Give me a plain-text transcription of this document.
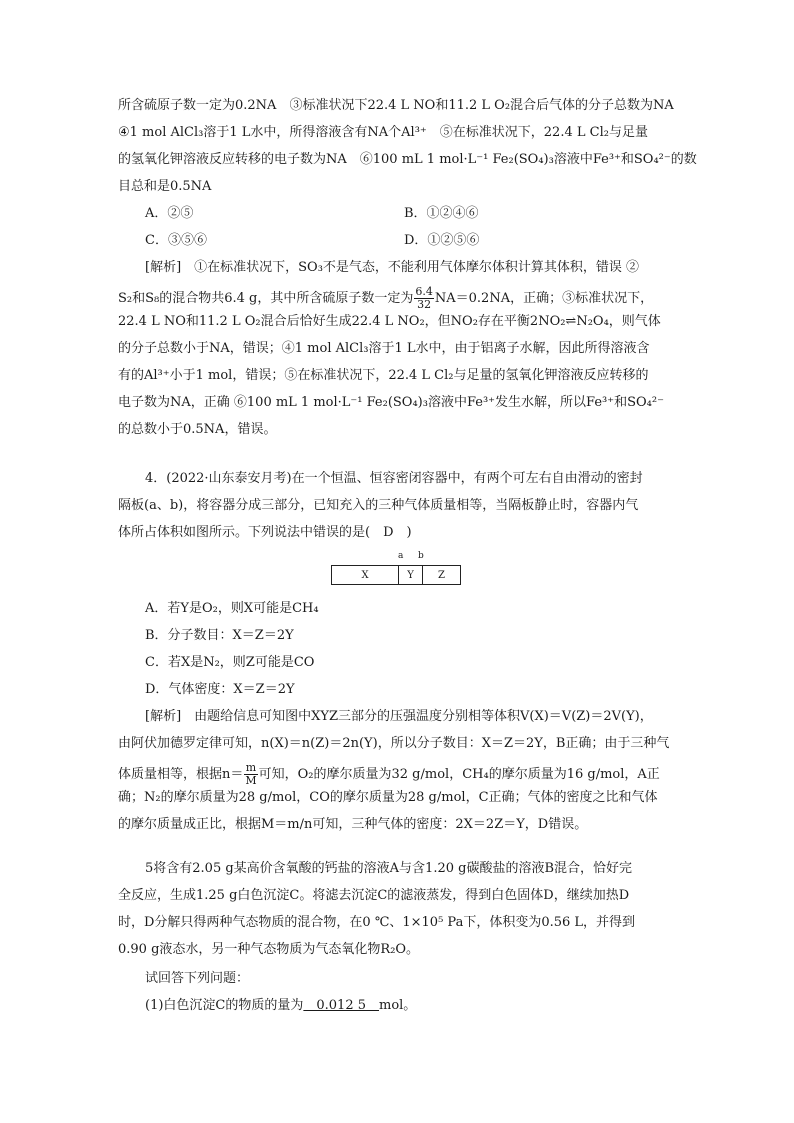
所含硫原子数一定为0.2NA　③标准状况下22.4 L NO和11.2 L O₂混合后气体的分子总数为NA
④1 mol AlCl₃溶于1 L水中，所得溶液含有NA个Al³⁺　⑤在标准状况下，22.4 L Cl₂与足量
的氢氧化钾溶液反应转移的电子数为NA　⑥100 mL 1 mol·L⁻¹ Fe₂(SO₄)₃溶液中Fe³⁺和SO₄²⁻的数
目总和是0.5NA
A．②⑤	B．①②④⑥
C．③⑤⑥	D．①②⑤⑥
[解析]　①在标准状况下，SO₃不是气态，不能利用气体摩尔体积计算其体积，错误 ②
S₂和S₈的混合物共6.4 g，其中所含硫原子数一定为 $\frac{6.4}{32} NA=0.2NA$，正确；③标准状况下，
22.4 L NO和11.2 L O₂混合后恰好生成22.4 L NO₂，但NO₂存在平衡2NO₂⇌N₂O₄，则气体
的分子总数小于NA，错误；④1 mol AlCl₃溶于1 L水中，由于铝离子水解，因此所得溶液含
有的Al³⁺小于1 mol，错误；⑤在标准状况下，22.4 L Cl₂与足量的氢氧化钾溶液反应转移的
电子数为NA，正确 ⑥100 mL 1 mol·L⁻¹ Fe₂(SO₄)₃溶液中Fe³⁺发生水解，所以Fe³⁺和SO₄²⁻
的总数小于0.5NA，错误。
4．(2022·山东泰安月考)在一个恒温、恒容密闭容器中，有两个可左右自由滑动的密封
隔板(a、b)，将容器分成三部分，已知充入的三种气体质量相等，当隔板静止时，容器内气
体所占体积如图所示。下列说法中错误的是(　D　)
a b
X	Y	Z
A．若Y是O₂，则X可能是CH₄
B．分子数目：X＝Z＝2Y
C．若X是N₂，则Z可能是CO
D．气体密度：X＝Z＝2Y
[解析]　由题给信息可知图中XYZ三部分的压强温度分别相等体积V(X)＝V(Z)＝2V(Y)，
由阿伏加德罗定律可知，n(X)＝n(Z)＝2n(Y)，所以分子数目：X＝Z＝2Y，B正确；由于三种气
体质量相等，根据$n= \frac{m}{M}$ 可知，O₂的摩尔质量为32 g/mol，CH₄的摩尔质量为16 g/mol，A正
确；N₂的摩尔质量为28 g/mol，CO的摩尔质量为28 g/mol，C正确；气体的密度之比和气体
的摩尔质量成正比，根据M＝m/n可知，三种气体的密度：2X＝2Z＝Y，D错误。
5将含有2.05 g某高价含氧酸的钙盐的溶液A与含1.20 g碳酸盐的溶液B混合，恰好完
全反应，生成1.25 g白色沉淀C。将滤去沉淀C的滤液蒸发，得到白色固体D，继续加热D
时，D分解只得两种气态物质的混合物，在0 ℃、1×10⁵ Pa下，体积变为0.56 L，并得到
0.90 g液态水，另一种气态物质为气态氧化物R₂O。
试回答下列问题：
(1)白色沉淀C的物质的量为　0.012 5　mol。
